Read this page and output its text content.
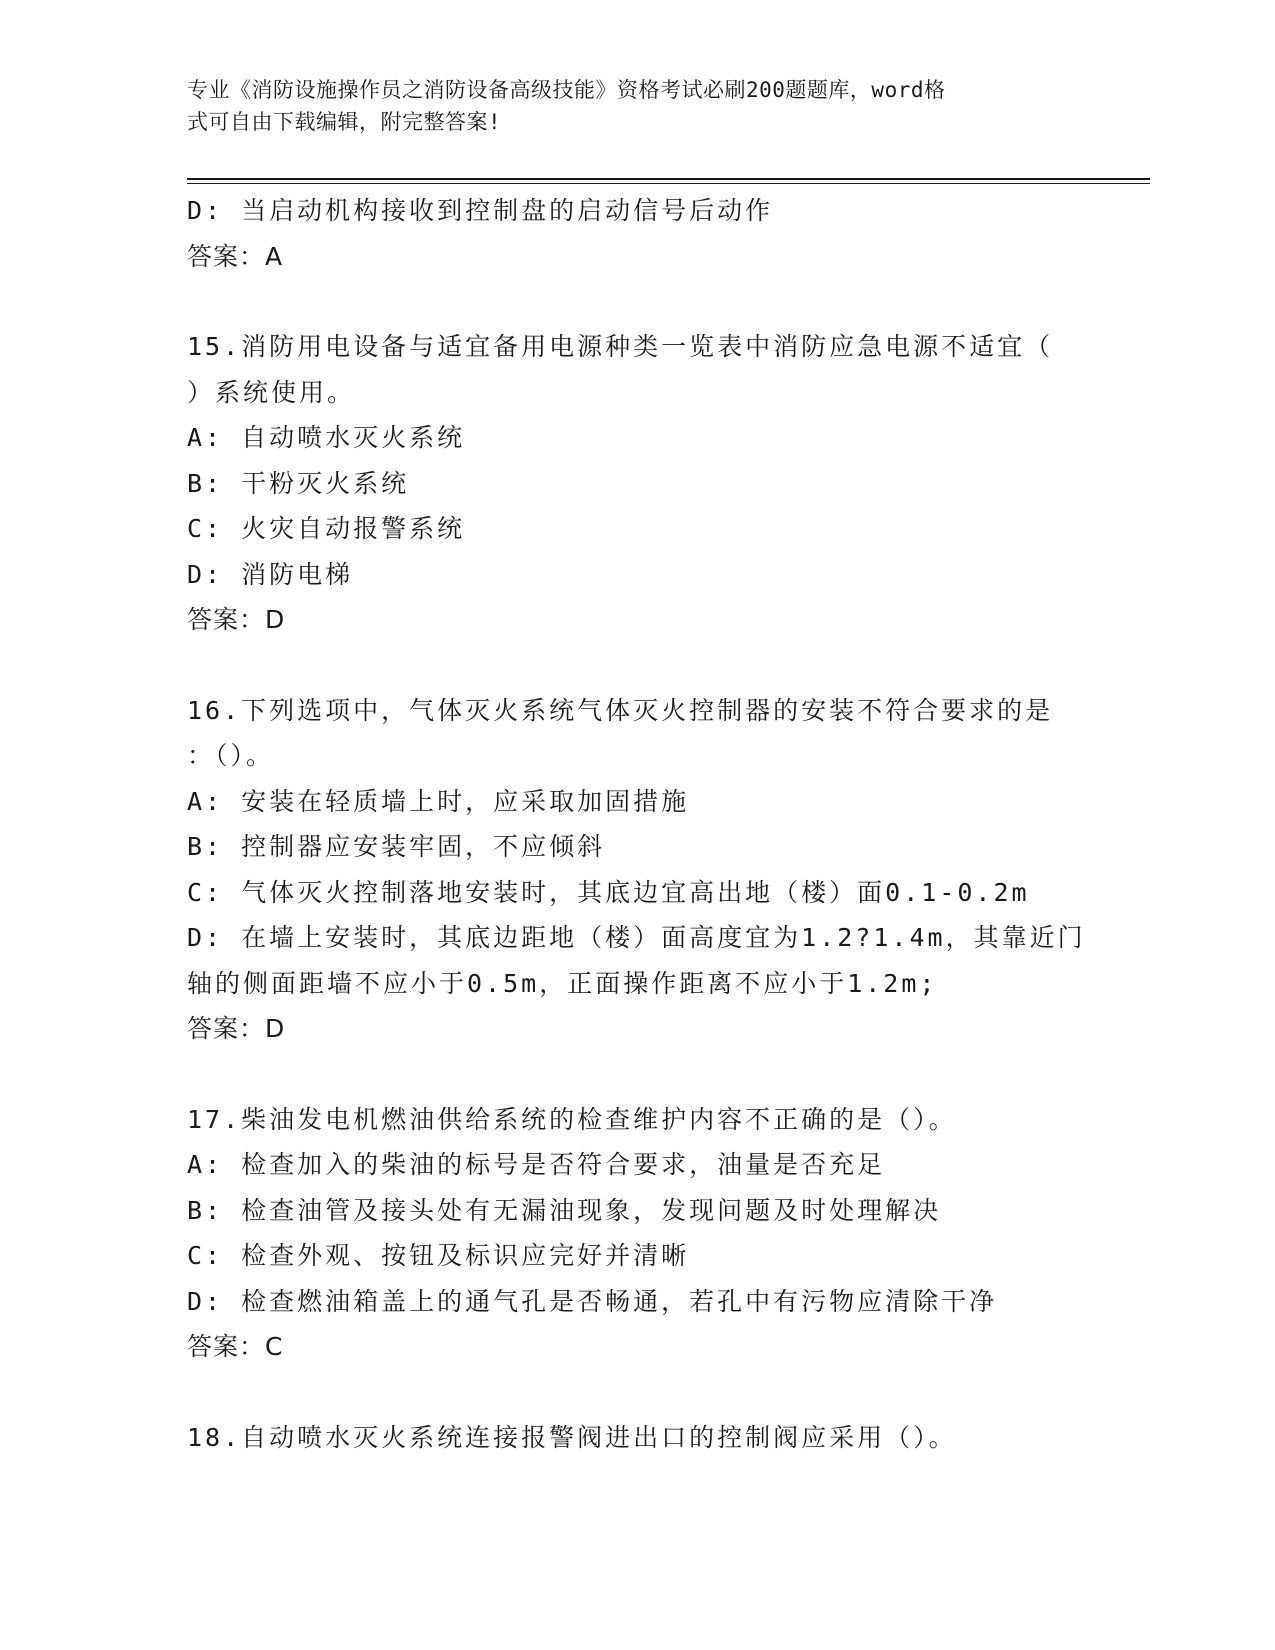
专业《消防设施操作员之消防设备高级技能》资格考试必刷200题题库，word格
式可自由下载编辑，附完整答案!
D: 当启动机构接收到控制盘的启动信号后动作
答案：A
15.消防用电设备与适宜备用电源种类一览表中消防应急电源不适宜（
）系统使用。
A: 自动喷水灭火系统
B: 干粉灭火系统
C: 火灾自动报警系统
D: 消防电梯
答案：D
16.下列选项中，气体灭火系统气体灭火控制器的安装不符合要求的是
：（）。
A: 安装在轻质墙上时，应采取加固措施
B: 控制器应安装牢固，不应倾斜
C: 气体灭火控制落地安装时，其底边宜高出地（楼）面0.1-0.2m
D: 在墙上安装时，其底边距地（楼）面高度宜为1.2?1.4m，其靠近门
轴的侧面距墙不应小于0.5m，正面操作距离不应小于1.2m;
答案：D
17.柴油发电机燃油供给系统的检查维护内容不正确的是（）。
A: 检查加入的柴油的标号是否符合要求，油量是否充足
B: 检查油管及接头处有无漏油现象，发现问题及时处理解决
C: 检查外观、按钮及标识应完好并清晰
D: 检查燃油箱盖上的通气孔是否畅通，若孔中有污物应清除干净
答案：C
18.自动喷水灭火系统连接报警阀进出口的控制阀应采用（）。
